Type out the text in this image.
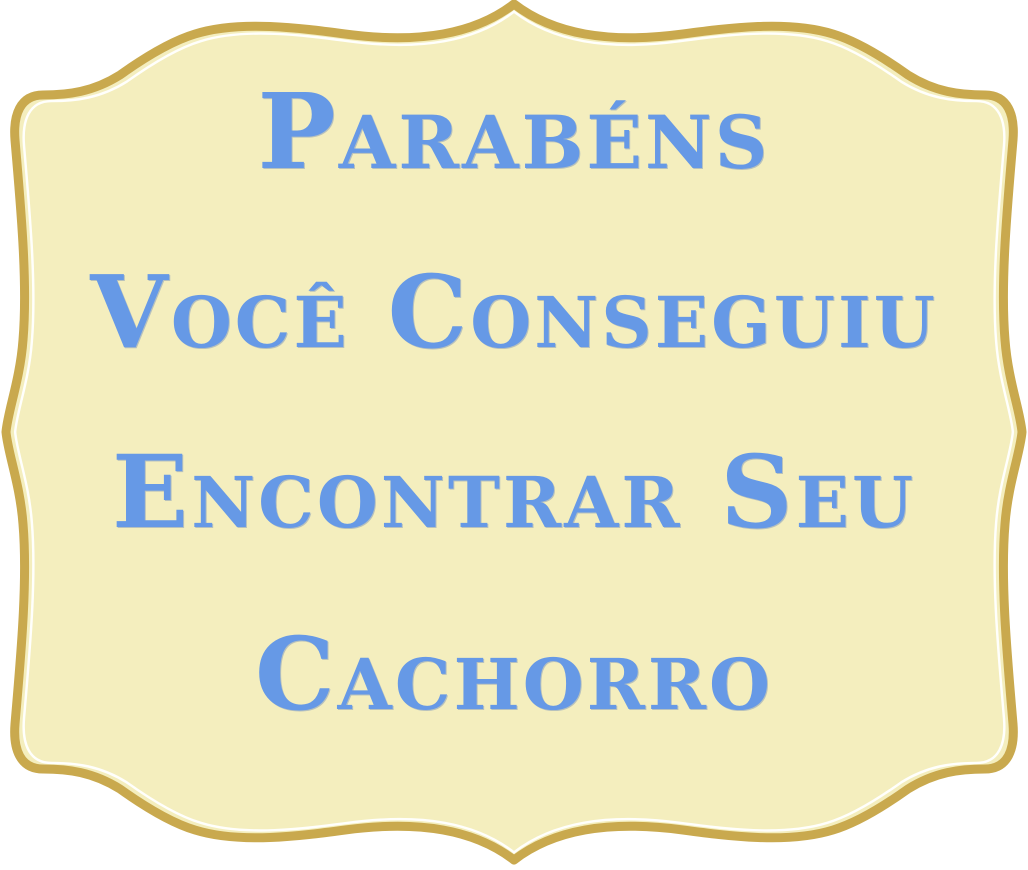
Parabéns
Você Conseguiu
Encontrar Seu
Cachorro
